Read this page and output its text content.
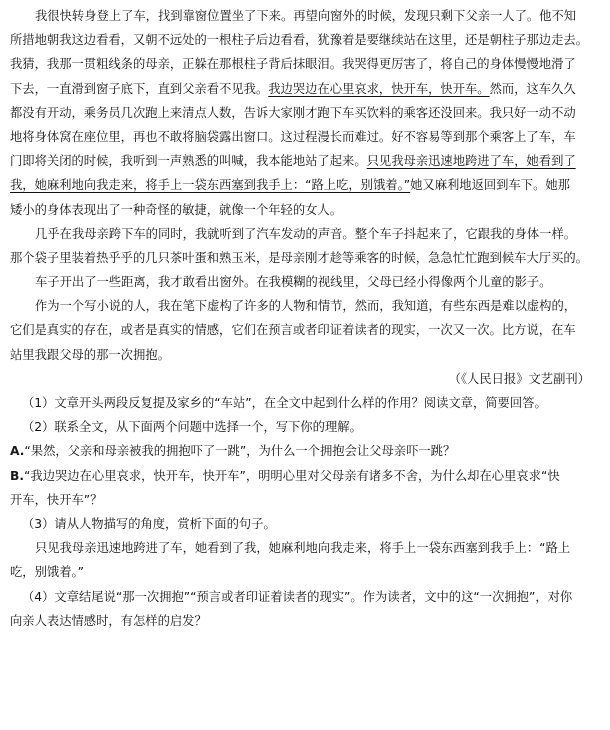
我很快转身登上了车，找到靠窗位置坐了下来。再望向窗外的时候，发现只剩下父亲一人了。他不知
所措地朝我这边看看，又朝不远处的一根柱子后边看看，犹豫着是要继续站在这里，还是朝柱子那边走去。
我猜，我那一贯粗线条的母亲，正躲在那根柱子背后抹眼泪。我哭得更厉害了，将自己的身体慢慢地滑了
下去，一直滑到窗子底下，直到父亲看不见我。我边哭边在心里哀求，快开车，快开车。然而，这车久久
都没有开动，乘务员几次跑上来清点人数，告诉大家刚才跑下车买饮料的乘客还没回来。我只好一动不动
地将身体窝在座位里，再也不敢将脑袋露出窗口。这过程漫长而难过。好不容易等到那个乘客上了车，车
门即将关闭的时候，我听到一声熟悉的叫喊，我本能地站了起来。只见我母亲迅速地跨进了车，她看到了
我，她麻利地向我走来，将手上一袋东西塞到我手上：“路上吃，别饿着。”她又麻利地返回到车下。她那
矮小的身体表现出了一种奇怪的敏捷，就像一个年轻的女人。
几乎在我母亲跨下车的同时，我就听到了汽车发动的声音。整个车子抖起来了，它跟我的身体一样。
那个袋子里装着热乎乎的几只茶叶蛋和熟玉米，是母亲刚才趁等乘客的时候，急急忙忙跑到候车大厅买的。
车子开出了一些距离，我才敢看出窗外。在我模糊的视线里，父母已经小得像两个儿童的影子。
作为一个写小说的人，我在笔下虚构了许多的人物和情节，然而，我知道，有些东西是难以虚构的，
它们是真实的存在，或者是真实的情感，它们在预言或者印证着读者的现实，一次又一次。比方说，在车
站里我跟父母的那一次拥抱。
（《人民日报》文艺副刊）
（1）文章开头两段反复提及家乡的“车站”，在全文中起到什么样的作用？阅读文章，简要回答。
（2）联系全文，从下面两个问题中选择一个，写下你的理解。
A.“果然，父亲和母亲被我的拥抱吓了一跳”，为什么一个拥抱会让父母亲吓一跳？
B.“我边哭边在心里哀求，快开车，快开车”，明明心里对父母亲有诸多不舍，为什么却在心里哀求“快
开车，快开车”？
（3）请从人物描写的角度，赏析下面的句子。
只见我母亲迅速地跨进了车，她看到了我，她麻利地向我走来，将手上一袋东西塞到我手上：“路上
吃，别饿着。”
（4）文章结尾说“那一次拥抱”“预言或者印证着读者的现实”。作为读者，文中的这“一次拥抱”，对你
向亲人表达情感时，有怎样的启发？
